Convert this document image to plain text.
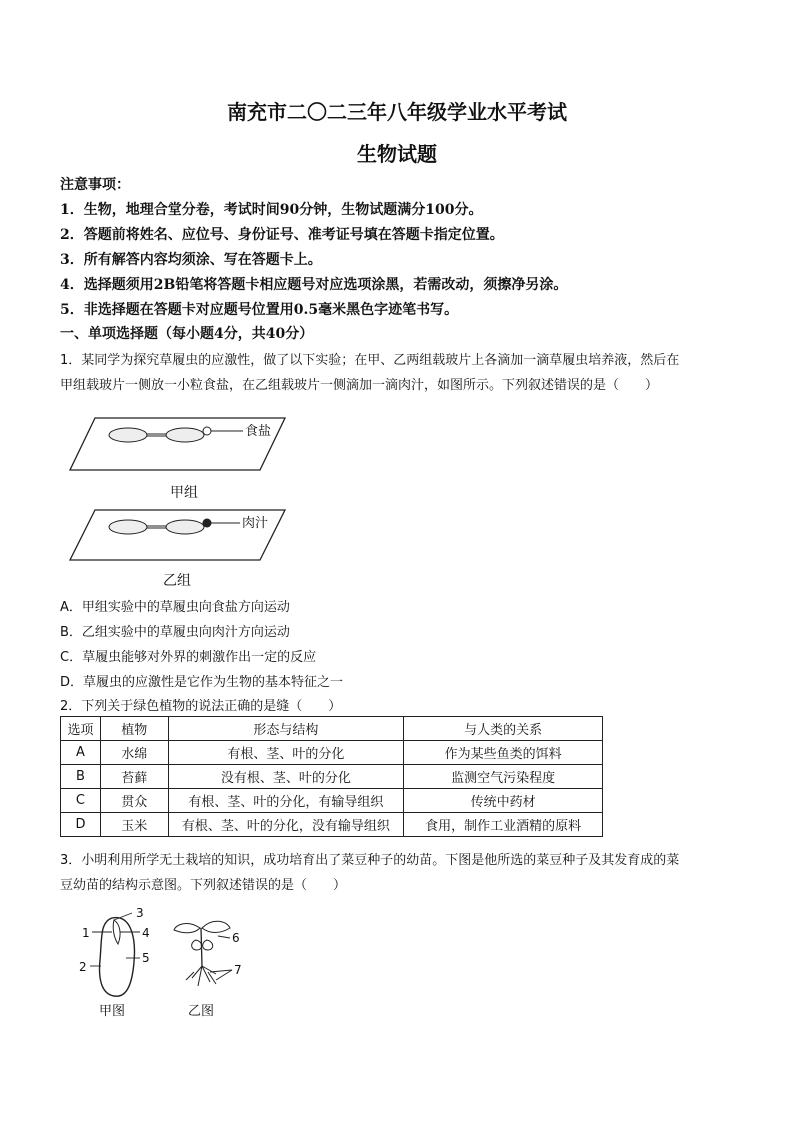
南充市二〇二三年八年级学业水平考试
生物试题
注意事项：
1．生物，地理合堂分卷，考试时间90分钟，生物试题满分100分。
2．答题前将姓名、应位号、身份证号、准考证号填在答题卡指定位置。
3．所有解答内容均须涂、写在答题卡上。
4．选择题须用2B铅笔将答题卡相应题号对应选项涂黑，若需改动，须擦净另涂。
5．非选择题在答题卡对应题号位置用0.5毫米黑色字迹笔书写。
一、单项选择题（每小题4分，共40分）
1．某同学为探究草履虫的应激性，做了以下实验；在甲、乙两组载玻片上各滴加一滴草履虫培养液，然后在
甲组载玻片一侧放一小粒食盐，在乙组载玻片一侧滴加一滴肉汁，如图所示。下列叙述错误的是（　　）
食盐
甲组
肉汁
乙组
A．甲组实验中的草履虫向食盐方向运动
B．乙组实验中的草履虫向肉汁方向运动
C．草履虫能够对外界的刺激作出一定的反应
D．草履虫的应激性是它作为生物的基本特征之一
2．下列关于绿色植物的说法正确的是缝（　　）
选项	植物	形态与结构	与人类的关系
A	水绵	有根、茎、叶的分化	作为某些鱼类的饵料
B	苔藓	没有根、茎、叶的分化	监测空气污染程度
C	贯众	有根、茎、叶的分化，有输导组织	传统中药材
D	玉米	有根、茎、叶的分化，没有输导组织	食用，制作工业酒精的原料
3．小明利用所学无土栽培的知识，成功培育出了菜豆种子的幼苗。下图是他所选的菜豆种子及其发育成的菜
豆幼苗的结构示意图。下列叙述错误的是（　　）
1
2
3
4
5
甲图
6
7
乙图
